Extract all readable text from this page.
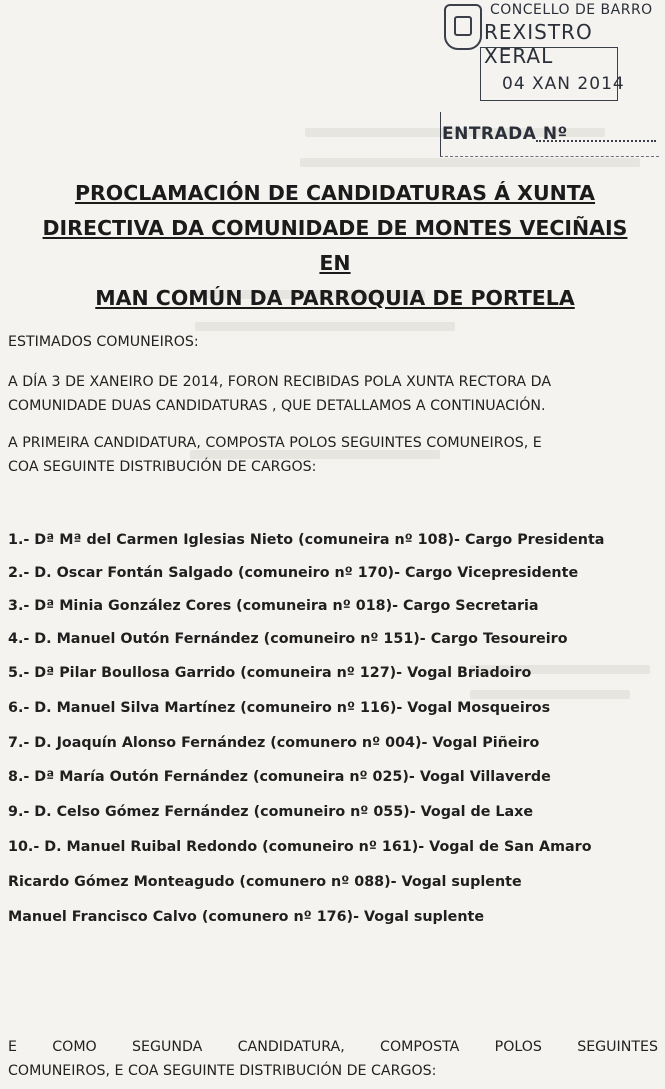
CONCELLO DE BARRO
REXISTRO XERAL
04 XAN 2014
ENTRADA Nº
PROCLAMACIÓN DE CANDIDATURAS Á XUNTA
DIRECTIVA DA COMUNIDADE DE MONTES VECIÑAIS EN
MAN COMÚN DA PARROQUIA DE PORTELA
ESTIMADOS COMUNEIROS:
A DÍA 3 DE XANEIRO DE 2014, FORON RECIBIDAS POLA XUNTA RECTORA DA
COMUNIDADE DUAS CANDIDATURAS , QUE DETALLAMOS A CONTINUACIÓN.
A PRIMEIRA CANDIDATURA, COMPOSTA POLOS SEGUINTES COMUNEIROS, E
COA SEGUINTE DISTRIBUCIÓN DE CARGOS:
1.- Dª Mª del Carmen Iglesias Nieto (comuneira nº 108)- Cargo Presidenta
2.- D. Oscar Fontán Salgado (comuneiro nº 170)- Cargo Vicepresidente
3.- Dª Minia González Cores (comuneira nº 018)- Cargo Secretaria
4.- D. Manuel Outón Fernández (comuneiro nº 151)- Cargo Tesoureiro
5.- Dª Pilar Boullosa Garrido (comuneira nº 127)- Vogal Briadoiro
6.- D. Manuel Silva Martínez (comuneiro nº 116)- Vogal Mosqueiros
7.- D. Joaquín Alonso Fernández (comunero nº 004)- Vogal Piñeiro
8.- Dª María Outón Fernández (comuneira nº 025)- Vogal Villaverde
9.- D. Celso Gómez Fernández (comuneiro nº 055)- Vogal de Laxe
10.- D. Manuel Ruibal Redondo (comuneiro nº 161)- Vogal de San Amaro
Ricardo Gómez Monteagudo (comunero nº 088)- Vogal suplente
Manuel Francisco Calvo (comunero nº 176)- Vogal suplente
E COMO SEGUNDA CANDIDATURA, COMPOSTA POLOS SEGUINTES
COMUNEIROS, E COA SEGUINTE DISTRIBUCIÓN DE CARGOS:
